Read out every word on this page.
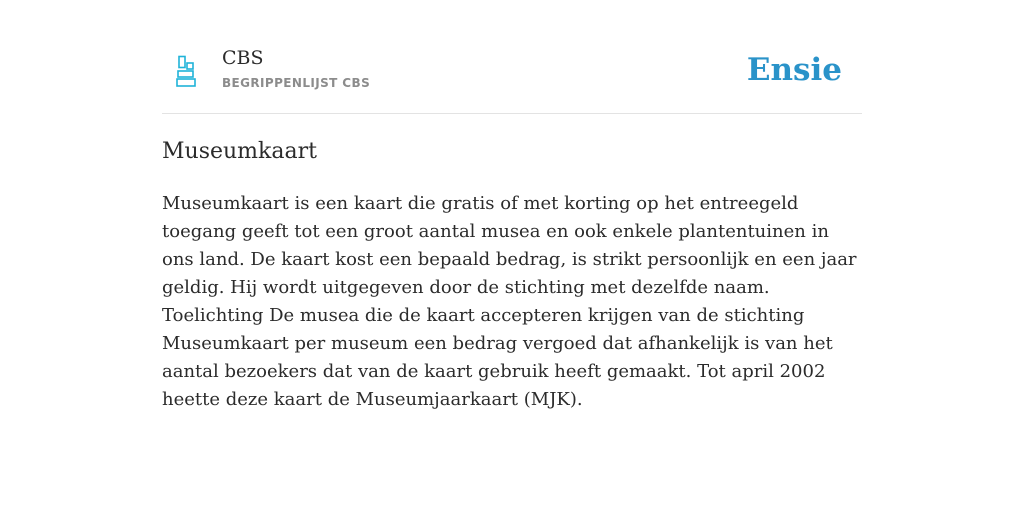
CBS
BEGRIPPENLIJST CBS	Ensie
Museumkaart

Museumkaart is een kaart die gratis of met korting op het entreegeld toegang geeft tot een groot aantal musea en ook enkele plantentuinen in ons land. De kaart kost een bepaald bedrag, is strikt persoonlijk en een jaar geldig. Hij wordt uitgegeven door de stichting met dezelfde naam. Toelichting De musea die de kaart accepteren krijgen van de stichting Museumkaart per museum een bedrag vergoed dat afhankelijk is van het aantal bezoekers dat van de kaart gebruik heeft gemaakt. Tot april 2002 heette deze kaart de Museumjaarkaart (MJK).
